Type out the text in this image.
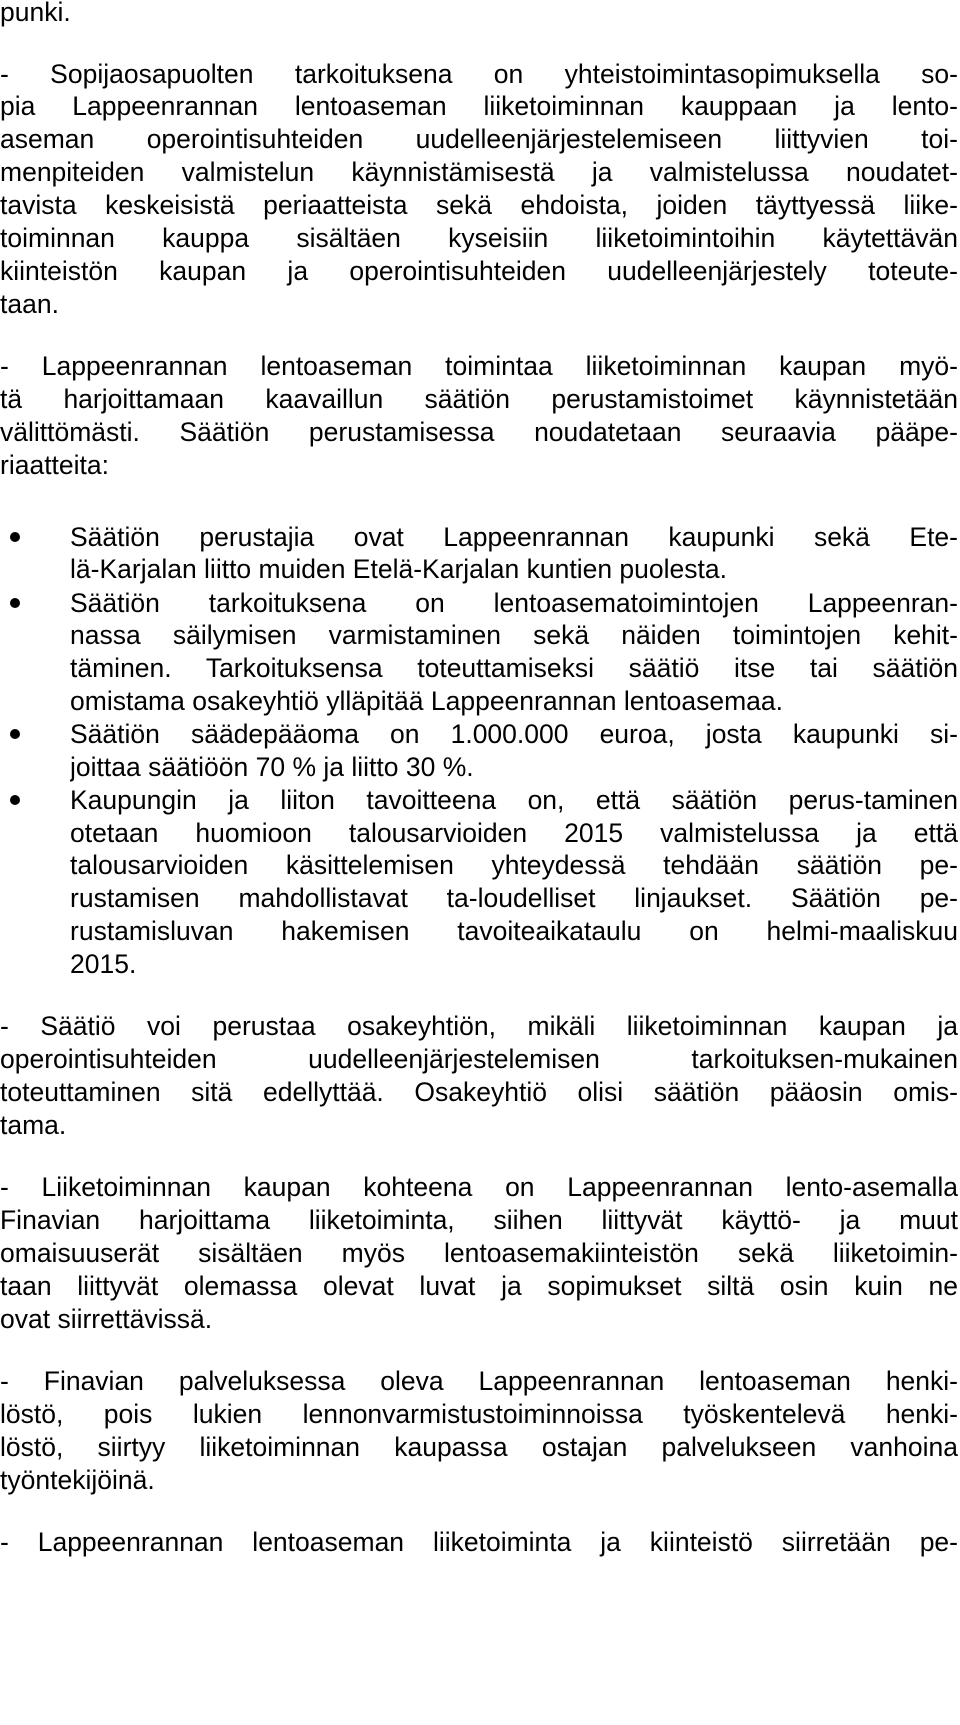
punki.
- Sopijaosapuolten tarkoituksena on yhteistoimintasopimuksella so-
pia Lappeenrannan lentoaseman liiketoiminnan kauppaan ja lento-
aseman operointisuhteiden uudelleenjärjestelemiseen liittyvien toi-
menpiteiden valmistelun käynnistämisestä ja valmistelussa noudatet-
tavista keskeisistä periaatteista sekä ehdoista, joiden täyttyessä liike-
toiminnan kauppa sisältäen kyseisiin liiketoimintoihin käytettävän
kiinteistön kaupan ja operointisuhteiden uudelleenjärjestely toteute-
taan.
- Lappeenrannan lentoaseman toimintaa liiketoiminnan kaupan myö-
tä harjoittamaan kaavaillun säätiön perustamistoimet käynnistetään
välittömästi. Säätiön perustamisessa noudatetaan seuraavia pääpe-
riaatteita:
Säätiön perustajia ovat Lappeenrannan kaupunki sekä Ete-
lä-Karjalan liitto muiden Etelä-Karjalan kuntien puolesta.
Säätiön tarkoituksena on lentoasematoimintojen Lappeenran-
nassa säilymisen varmistaminen sekä näiden toimintojen kehit-
täminen. Tarkoituksensa toteuttamiseksi säätiö itse tai säätiön
omistama osakeyhtiö ylläpitää Lappeenrannan lentoasemaa.
Säätiön säädepääoma on 1.000.000 euroa, josta kaupunki si-
joittaa säätiöön 70 % ja liitto 30 %.
Kaupungin ja liiton tavoitteena on, että säätiön perus-taminen
otetaan huomioon talousarvioiden 2015 valmistelussa ja että
talousarvioiden käsittelemisen yhteydessä tehdään säätiön pe-
rustamisen mahdollistavat ta-loudelliset linjaukset. Säätiön pe-
rustamisluvan hakemisen tavoiteaikataulu on helmi-maaliskuu
2015.
- Säätiö voi perustaa osakeyhtiön, mikäli liiketoiminnan kaupan ja
operointisuhteiden uudelleenjärjestelemisen tarkoituksen-mukainen
toteuttaminen sitä edellyttää. Osakeyhtiö olisi säätiön pääosin omis-
tama.
- Liiketoiminnan kaupan kohteena on Lappeenrannan lento-asemalla
Finavian harjoittama liiketoiminta, siihen liittyvät käyttö- ja muut
omaisuuserät sisältäen myös lentoasemakiinteistön sekä liiketoimin-
taan liittyvät olemassa olevat luvat ja sopimukset siltä osin kuin ne
ovat siirrettävissä.
- Finavian palveluksessa oleva Lappeenrannan lentoaseman henki-
löstö, pois lukien lennonvarmistustoiminnoissa työskentelevä henki-
löstö, siirtyy liiketoiminnan kaupassa ostajan palvelukseen vanhoina
työntekijöinä.
- Lappeenrannan lentoaseman liiketoiminta ja kiinteistö siirretään pe-
